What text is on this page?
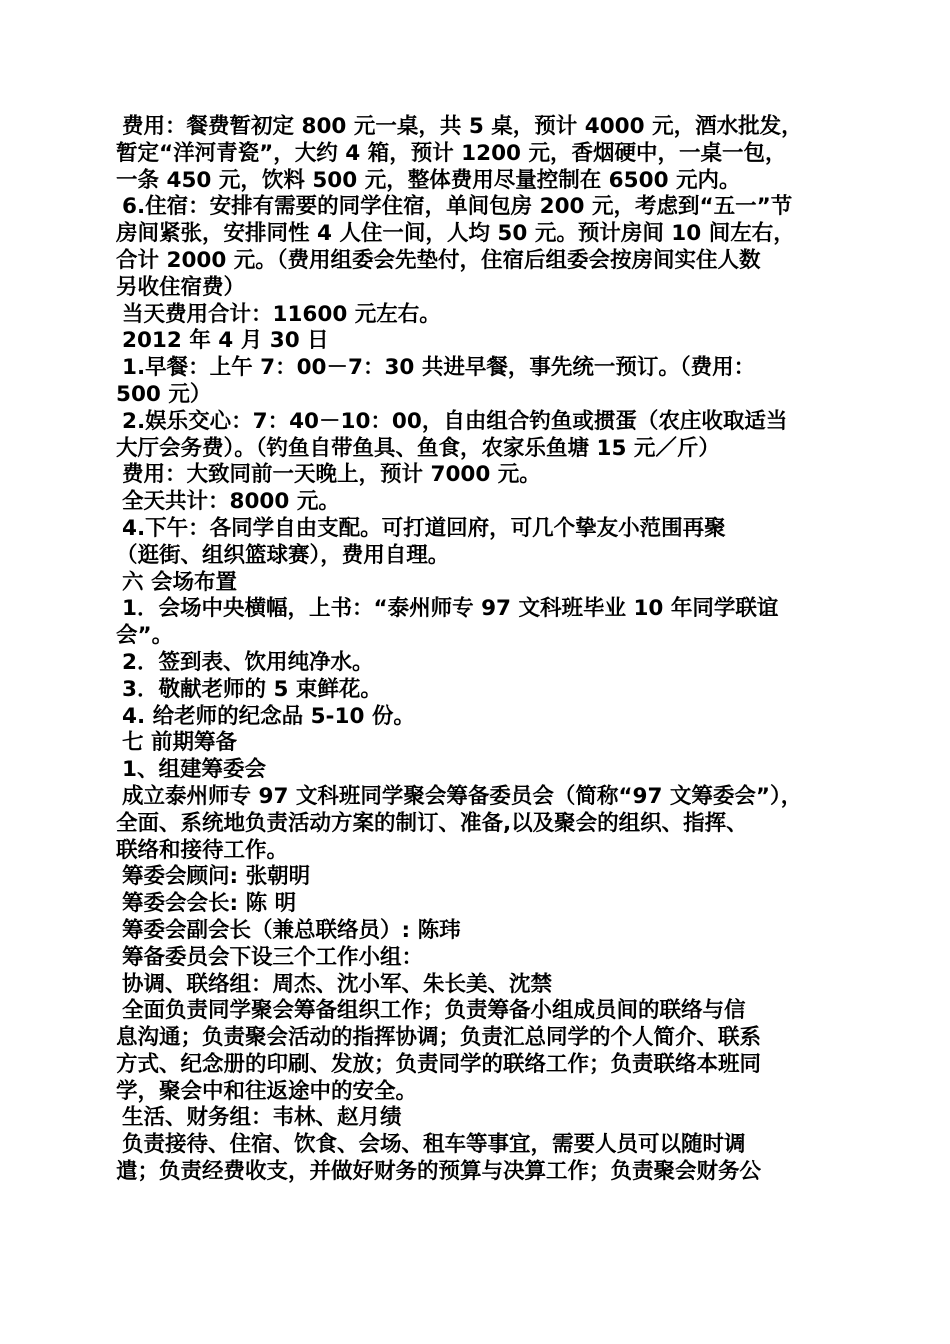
费用：餐费暂初定 800 元一桌，共 5 桌，预计 4000 元，酒水批发，
暂定“洋河青瓷”，大约 4 箱，预计 1200 元，香烟硬中，一桌一包，
一条 450 元，饮料 500 元，整体费用尽量控制在 6500 元内。
6.住宿：安排有需要的同学住宿，单间包房 200 元，考虑到“五一”节
房间紧张，安排同性 4 人住一间，人均 50 元。预计房间 10 间左右，
合计 2000 元。（费用组委会先垫付，住宿后组委会按房间实住人数
另收住宿费）
当天费用合计：11600 元左右。
2012 年 4 月 30 日
1.早餐：上午 7：00－7：30 共进早餐，事先统一预订。（费用：
500 元）
2.娱乐交心：7：40－10：00，自由组合钓鱼或掼蛋（农庄收取适当
大厅会务费）。（钓鱼自带鱼具、鱼食，农家乐鱼塘 15 元／斤）
费用：大致同前一天晚上，预计 7000 元。
全天共计：8000 元。
4.下午：各同学自由支配。可打道回府，可几个挚友小范围再聚
（逛街、组织篮球赛），费用自理。
六 会场布置
1．会场中央横幅，上书：“泰州师专 97 文科班毕业 10 年同学联谊
会”。
2．签到表、饮用纯净水。
3．敬献老师的 5 束鲜花。
4. 给老师的纪念品 5-10 份。
七 前期筹备
1、组建筹委会
成立泰州师专 97 文科班同学聚会筹备委员会（简称“97 文筹委会”），
全面、系统地负责活动方案的制订、准备,以及聚会的组织、指挥、
联络和接待工作。
筹委会顾问: 张朝明
筹委会会长: 陈 明
筹委会副会长（兼总联络员）: 陈玮
筹备委员会下设三个工作小组：
协调、联络组：周杰、沈小军、朱长美、沈禁
全面负责同学聚会筹备组织工作；负责筹备小组成员间的联络与信
息沟通；负责聚会活动的指挥协调；负责汇总同学的个人简介、联系
方式、纪念册的印刷、发放；负责同学的联络工作；负责联络本班同
学，聚会中和往返途中的安全。
生活、财务组：韦林、赵月绩
负责接待、住宿、饮食、会场、租车等事宜，需要人员可以随时调
遣；负责经费收支，并做好财务的预算与决算工作；负责聚会财务公
